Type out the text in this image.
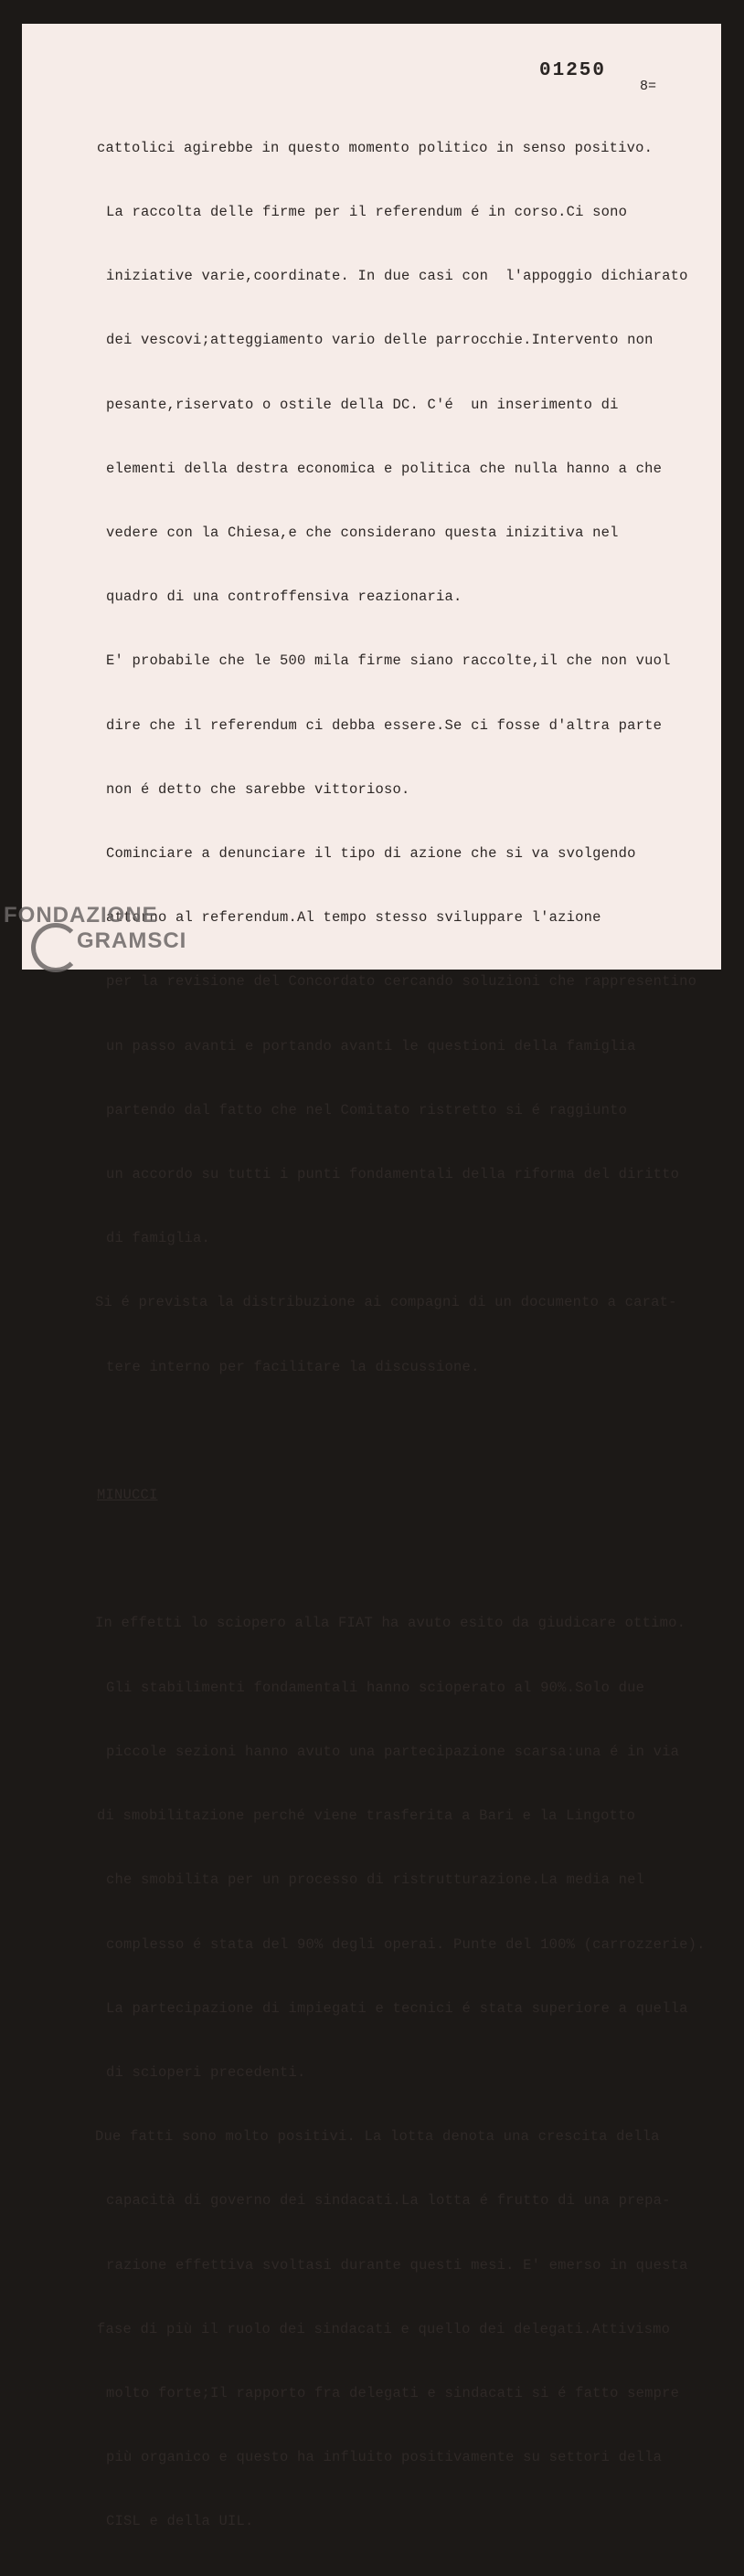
01250
8=

cattolici agirebbe in questo momento politico in senso positivo.

La raccolta delle firme per il referendum é in corso.Ci sono

iniziative varie,coordinate. In due casi con  l'appoggio dichiarato

dei vescovi;atteggiamento vario delle parrocchie.Intervento non

pesante,riservato o ostile della DC. C'é  un inserimento di

elementi della destra economica e politica che nulla hanno a che

vedere con la Chiesa,e che considerano questa inizitiva nel

quadro di una controffensiva reazionaria.

E' probabile che le 500 mila firme siano raccolte,il che non vuol

dire che il referendum ci debba essere.Se ci fosse d'altra parte

non é detto che sarebbe vittorioso.

Cominciare a denunciare il tipo di azione che si va svolgendo

attorno al referendum.Al tempo stesso sviluppare l'azione

per la revisione del Concordato cercando soluzioni che rappresentino

un passo avanti e portando avanti le questioni della famiglia

partendo dal fatto che nel Comitato ristretto si é raggiunto

un accordo su tutti i punti fondamentali della riforma del diritto

di famiglia.

Si é prevista la distribuzione ai compagni di un documento a carat-

tere interno per facilitare la discussione.

MINUCCI

In effetti lo sciopero alla FIAT ha avuto esito da giudicare ottimo.

Gli stabilimenti fondamentali hanno scioperato al 90%.Solo due

piccole sezioni hanno avuto una partecipazione scarsa:una é in via

di smobilitazione perché viene trasferita a Bari e la Lingotto

che smobilita per un processo di ristrutturazione.La media nel

complesso é stata del 90% degli operai. Punte del 100% (carrozzerie).

La partecipazione di impiegati e tecnici é stata superiore a quella

di scioperi precedenti.

Due fatti sono molto positivi. La lotta denota una crescita della

capacità di governo dei sindacati.La lotta é frutto di una prepa-

razione effettiva svoltasi durante questi mesi. E' emerso in questa

fase di più il ruolo dei sindacati e quello dei delegati.Attivismo

molto forte;Il rapporto fra delegati e sindacati si é fatto sempre

più organico e questo ha influito positivamente su settori della

CISL e della UIL.

FONDAZIONE
GRAMSCI
